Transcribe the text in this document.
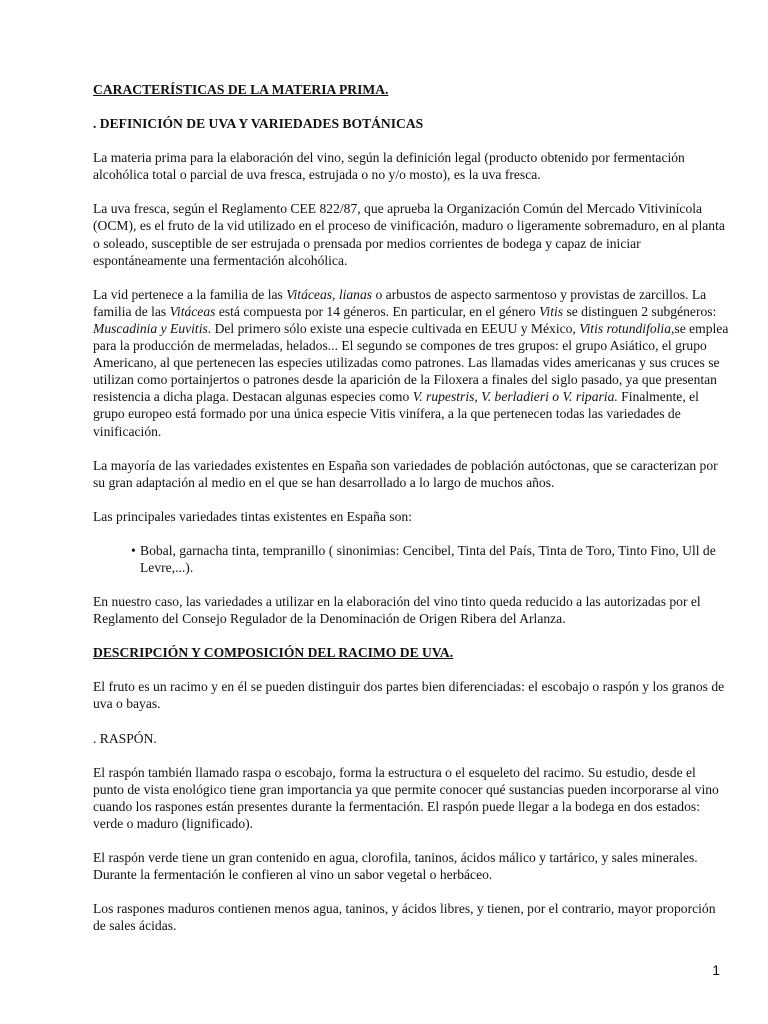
CARACTERÍSTICAS DE LA MATERIA PRIMA.

. DEFINICIÓN DE UVA Y VARIEDADES BOTÁNICAS

La materia prima para la elaboración del vino, según la definición legal (producto obtenido por fermentación alcohólica total o parcial de uva fresca, estrujada o no y/o mosto), es la uva fresca.

La uva fresca, según el Reglamento CEE 822/87, que aprueba la Organización Común del Mercado Vitivinícola (OCM), es el fruto de la vid utilizado en el proceso de vinificación, maduro o ligeramente sobremaduro, en al planta o soleado, susceptible de ser estrujada o prensada por medios corrientes de bodega y capaz de iniciar espontáneamente una fermentación alcohólica.

La vid pertenece a la familia de las Vitáceas, lianas o arbustos de aspecto sarmentoso y provistas de zarcillos. La familia de las Vitáceas está compuesta por 14 géneros. En particular, en el género Vitis se distinguen 2 subgéneros: Muscadinia y Euvitis. Del primero sólo existe una especie cultivada en EEUU y México, Vitis rotundifolia,se emplea para la producción de mermeladas, helados... El segundo se compones de tres grupos: el grupo Asiático, el grupo Americano, al que pertenecen las especies utilizadas como patrones. Las llamadas vides americanas y sus cruces se utilizan como portainjertos o patrones desde la aparición de la Filoxera a finales del siglo pasado, ya que presentan resistencia a dicha plaga. Destacan algunas especies como V. rupestris, V. berladieri o V. riparia. Finalmente, el grupo europeo está formado por una única especie Vitis vinífera, a la que pertenecen todas las variedades de vinificación.

La mayoría de las variedades existentes en España son variedades de población autóctonas, que se caracterizan por su gran adaptación al medio en el que se han desarrollado a lo largo de muchos años.

Las principales variedades tintas existentes en España son:

• Bobal, garnacha tinta, tempranillo ( sinonimias: Cencibel, Tinta del País, Tinta de Toro, Tinto Fino, Ull de Levre,...).

En nuestro caso, las variedades a utilizar en la elaboración del vino tinto queda reducido a las autorizadas por el Reglamento del Consejo Regulador de la Denominación de Origen Ribera del Arlanza.

DESCRIPCIÓN Y COMPOSICIÓN DEL RACIMO DE UVA.

El fruto es un racimo y en él se pueden distinguir dos partes bien diferenciadas: el escobajo o raspón y los granos de uva o bayas.

. RASPÓN.

El raspón también llamado raspa o escobajo, forma la estructura o el esqueleto del racimo. Su estudio, desde el punto de vista enológico tiene gran importancia ya que permite conocer qué sustancias pueden incorporarse al vino cuando los raspones están presentes durante la fermentación. El raspón puede llegar a la bodega en dos estados: verde o maduro (lignificado).

El raspón verde tiene un gran contenido en agua, clorofila, taninos, ácidos málico y tartárico, y sales minerales. Durante la fermentación le confieren al vino un sabor vegetal o herbáceo.

Los raspones maduros contienen menos agua, taninos, y ácidos libres, y tienen, por el contrario, mayor proporción de sales ácidas.

1
